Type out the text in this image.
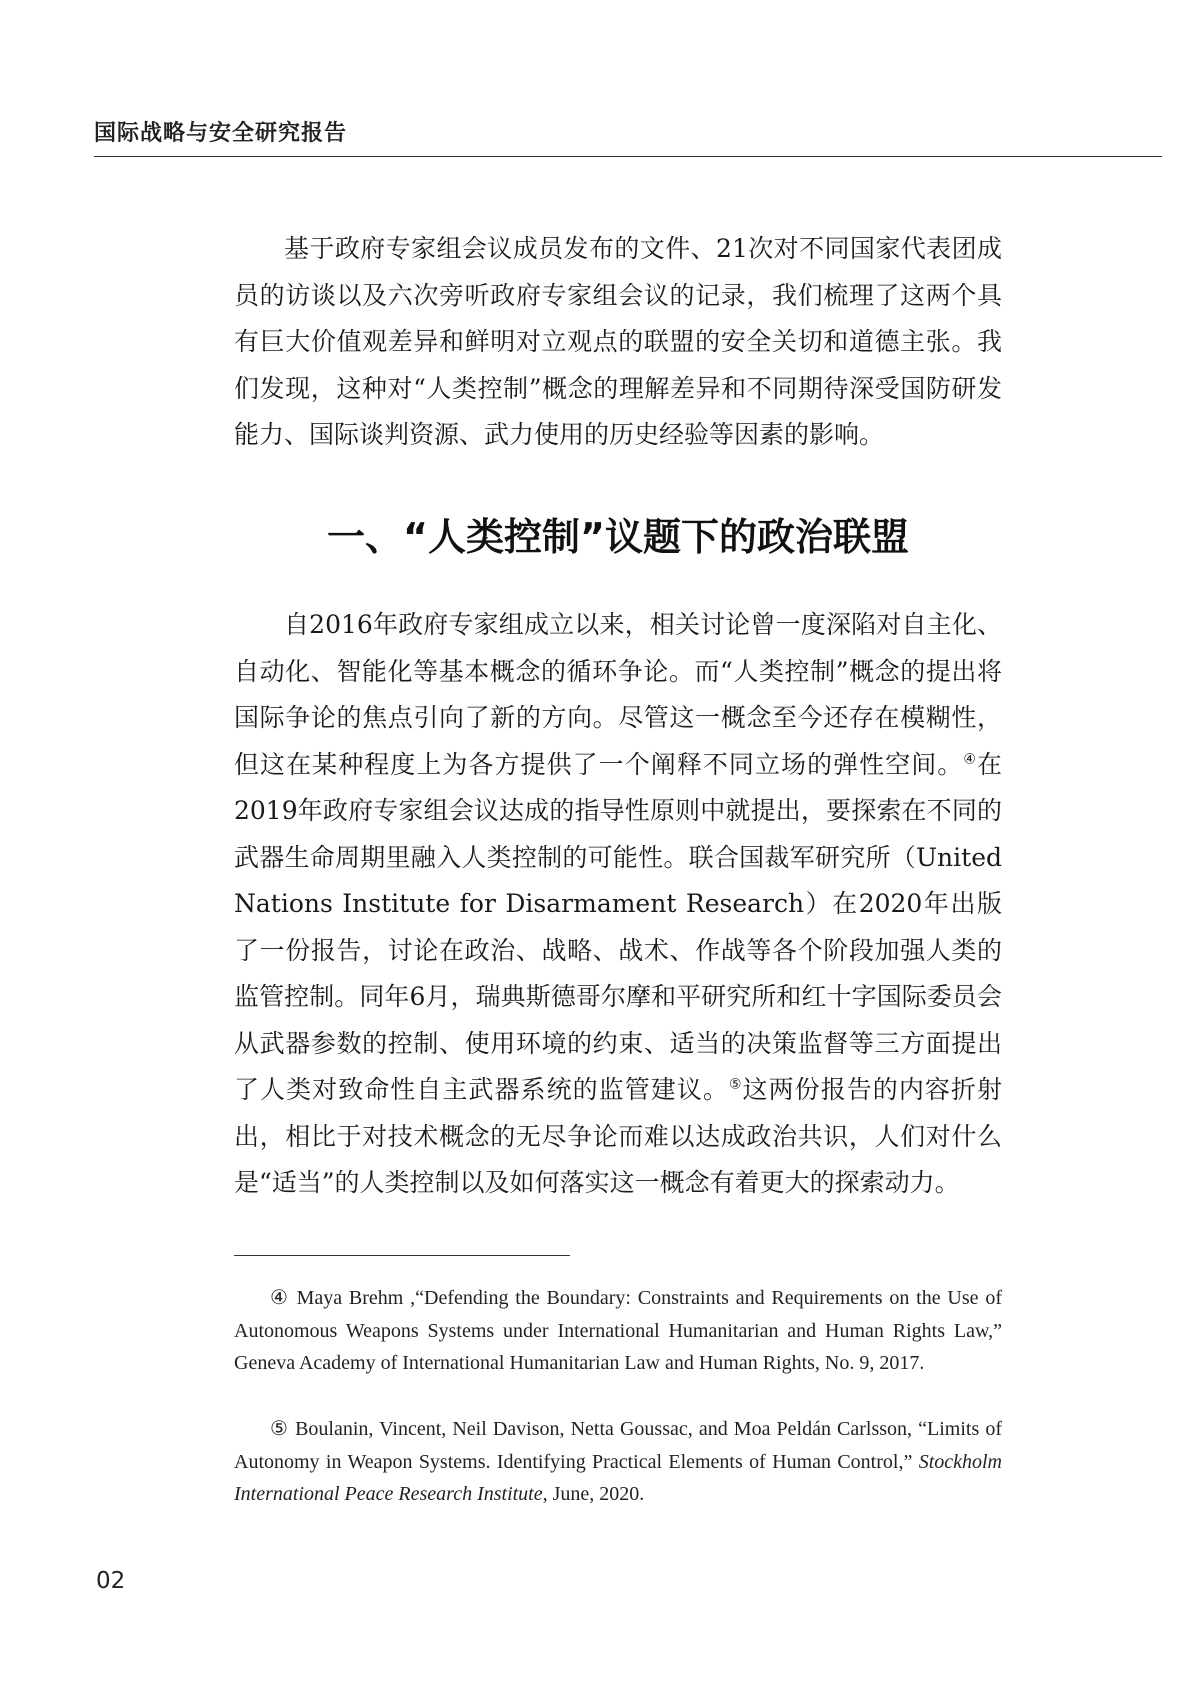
国际战略与安全研究报告

基于政府专家组会议成员发布的文件、21次对不同国家代表团成员的访谈以及六次旁听政府专家组会议的记录，我们梳理了这两个具有巨大价值观差异和鲜明对立观点的联盟的安全关切和道德主张。我们发现，这种对“人类控制”概念的理解差异和不同期待深受国防研发能力、国际谈判资源、武力使用的历史经验等因素的影响。

一、“人类控制”议题下的政治联盟

自2016年政府专家组成立以来，相关讨论曾一度深陷对自主化、自动化、智能化等基本概念的循环争论。而“人类控制”概念的提出将国际争论的焦点引向了新的方向。尽管这一概念至今还存在模糊性，但这在某种程度上为各方提供了一个阐释不同立场的弹性空间。④在2019年政府专家组会议达成的指导性原则中就提出，要探索在不同的武器生命周期里融入人类控制的可能性。联合国裁军研究所（United Nations Institute for Disarmament Research）在2020年出版了一份报告，讨论在政治、战略、战术、作战等各个阶段加强人类的监管控制。同年6月，瑞典斯德哥尔摩和平研究所和红十字国际委员会从武器参数的控制、使用环境的约束、适当的决策监督等三方面提出了人类对致命性自主武器系统的监管建议。⑤这两份报告的内容折射出，相比于对技术概念的无尽争论而难以达成政治共识，人们对什么是“适当”的人类控制以及如何落实这一概念有着更大的探索动力。

④ Maya Brehm ,“Defending the Boundary: Constraints and Requirements on the Use of Autonomous Weapons Systems under International Humanitarian and Human Rights Law,” Geneva Academy of International Humanitarian Law and Human Rights, No. 9, 2017.

⑤ Boulanin, Vincent, Neil Davison, Netta Goussac, and Moa Peldán Carlsson, “Limits of Autonomy in Weapon Systems. Identifying Practical Elements of Human Control,” Stockholm International Peace Research Institute, June, 2020.

02
